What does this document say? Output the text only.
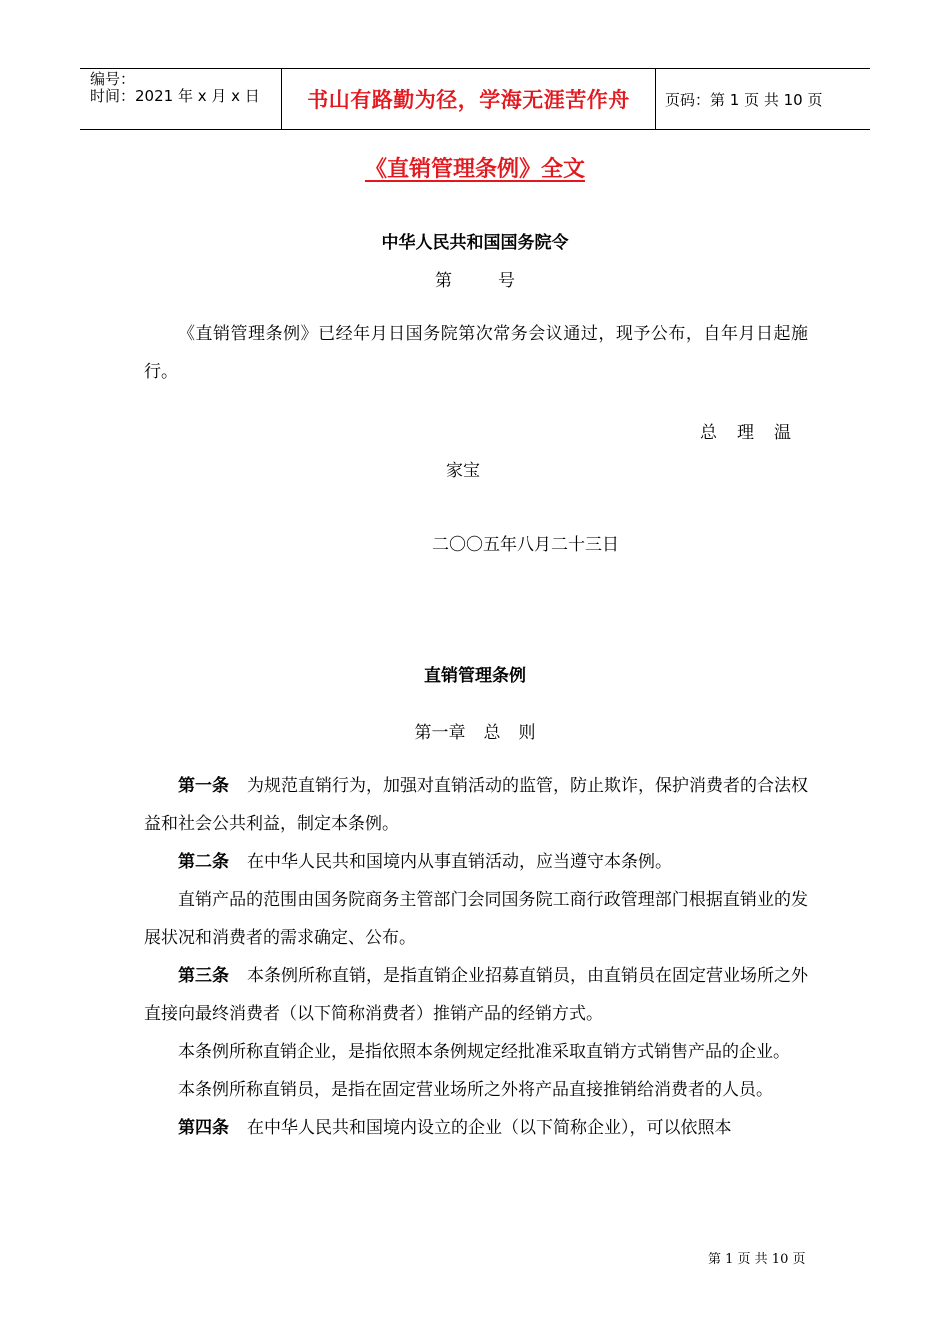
编号：
时间：2021 年 x 月 x 日 书山有路勤为径，学海无涯苦作舟 页码：第 1 页 共 10 页
《直销管理条例》全文
中华人民共和国国务院令
第	号

《直销管理条例》已经年月日国务院第次常务会议通过，现予公布，自年月日起施行。

总 理 温
家宝
二〇〇五年八月二十三日
直销管理条例
第一章 总 则

第一条 为规范直销行为，加强对直销活动的监管，防止欺诈，保护消费者的合法权益和社会公共利益，制定本条例。

第二条 在中华人民共和国境内从事直销活动，应当遵守本条例。

直销产品的范围由国务院商务主管部门会同国务院工商行政管理部门根据直销业的发展状况和消费者的需求确定、公布。

第三条 本条例所称直销，是指直销企业招募直销员，由直销员在固定营业场所之外直接向最终消费者（以下简称消费者）推销产品的经销方式。

本条例所称直销企业，是指依照本条例规定经批准采取直销方式销售产品的企业。

本条例所称直销员，是指在固定营业场所之外将产品直接推销给消费者的人员。

第四条 在中华人民共和国境内设立的企业（以下简称企业），可以依照本

第 1 页 共 10 页
